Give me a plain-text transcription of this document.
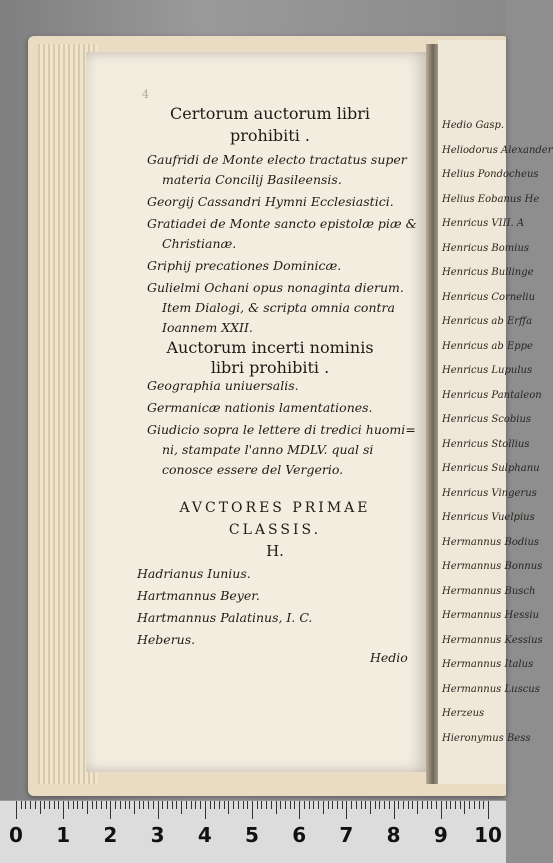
Hedio Gasp.
Heliodorus Alexander
Helius Pondocheus
Helius Eobanus He
Henricus VIII. A
Henricus Bomius
Henricus Bullinge
Henricus Corneliu
Henricus ab Erffa
Henricus ab Eppe
Henricus Lupulus
Henricus Pantaleon
Henricus Scobius
Henricus Stollius
Henricus Sulphanu
Henricus Vingerus
Henricus Vuelpius
Hermannus Bodius
Hermannus Bonnus
Hermannus Busch
Hermannus Hessiu
Hermannus Kessius
Hermannus Italus
Hermannus Luscus
Herzeus
Hieronymus Bess
4
Certorum auctorum libri
prohibiti .
Gaufridi de Monte electo tractatus super
materia Concilij Basileensis.
Georgij Cassandri Hymni Ecclesiastici.
Gratiadei de Monte sancto epistolæ piæ &
Christianæ.
Griphij precationes Dominicæ.
Gulielmi Ochani opus nonaginta dierum.
Item Dialogi, & scripta omnia contra
Ioannem XXII.
Auctorum incerti nominis
libri prohibiti .
Geographia uniuersalis.
Germanicæ nationis lamentationes.
Giudicio sopra le lettere di tredici huomi=
ni, stampate l'anno MDLV. qual si
conosce essere del Vergerio.
AVCTORES PRIMAE
CLASSIS.
H.
Hadrianus Iunius.
Hartmannus Beyer.
Hartmannus Palatinus, I. C.
Heberus.
Hedio
0 1 2 3 4 5 6 7 8 9 10
